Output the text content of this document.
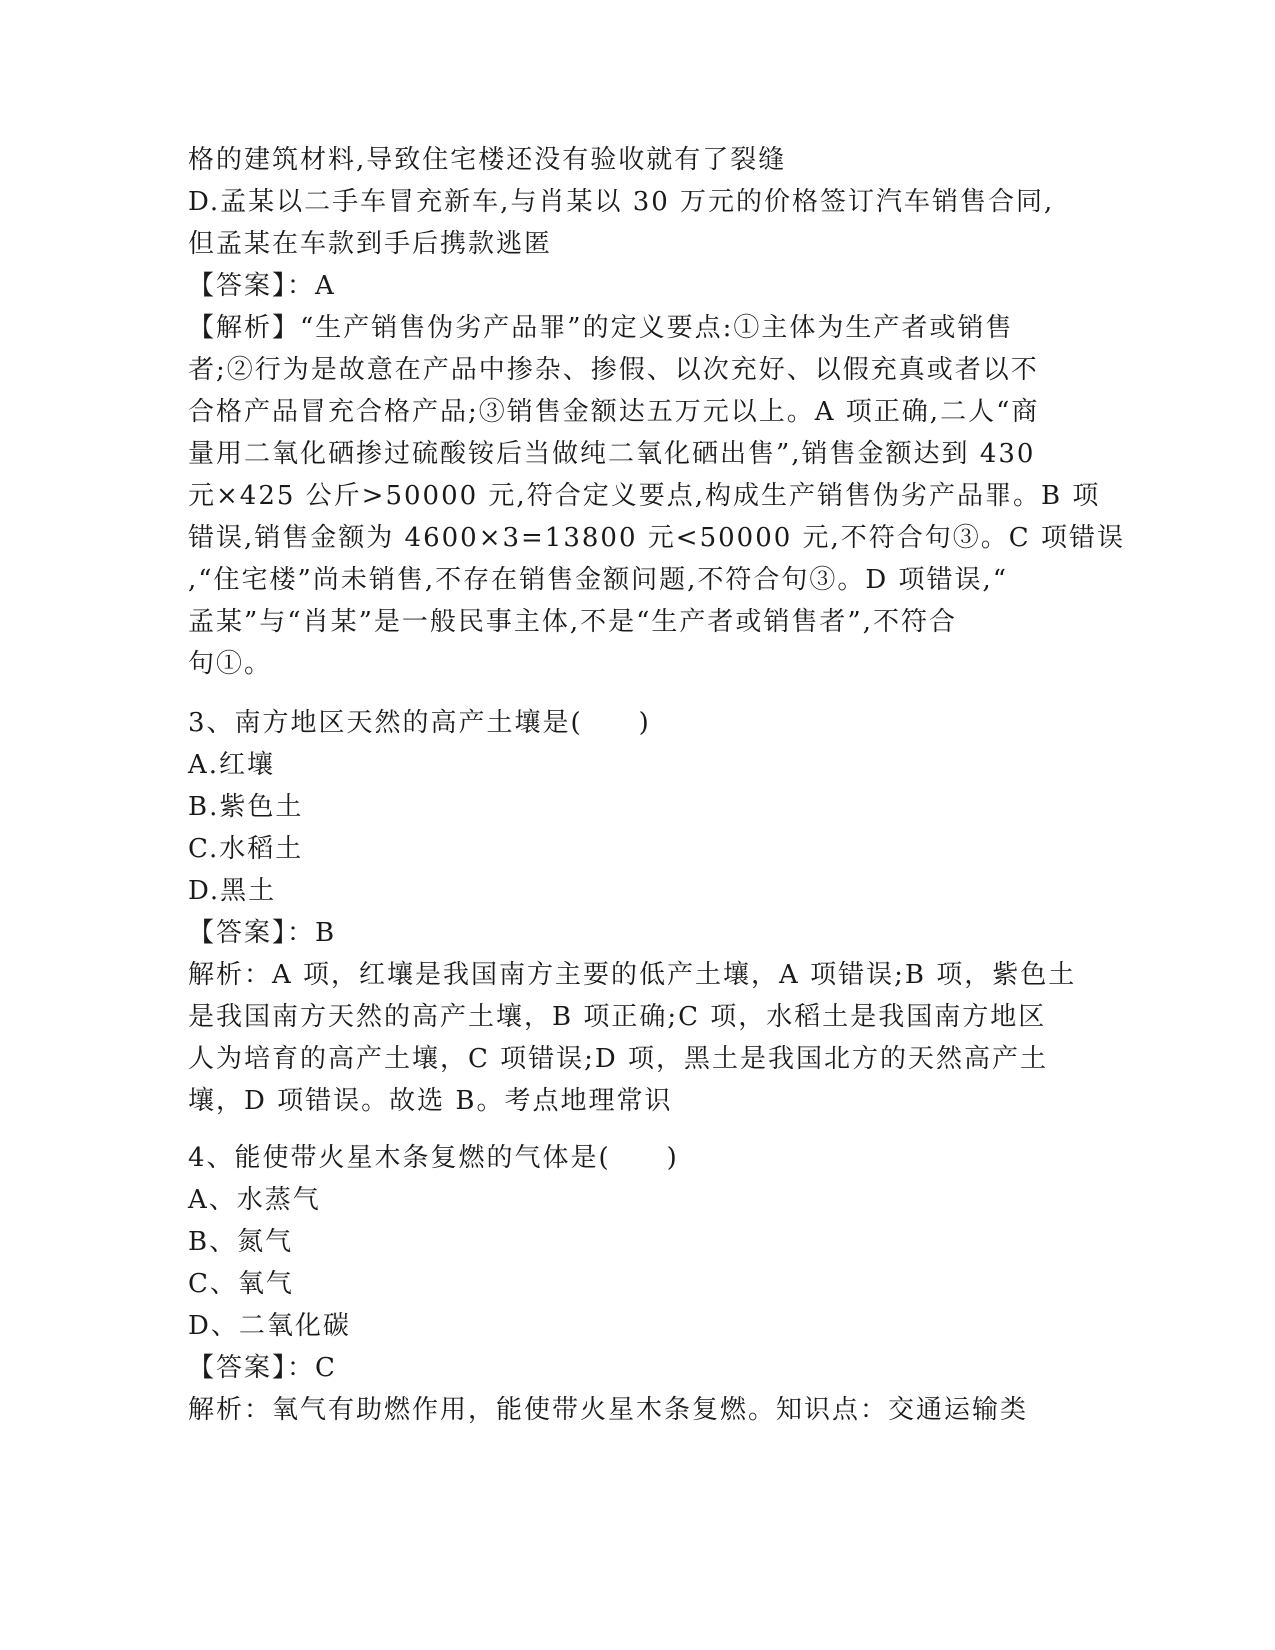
格的建筑材料,导致住宅楼还没有验收就有了裂缝
D.孟某以二手车冒充新车,与肖某以 30 万元的价格签订汽车销售合同,
但孟某在车款到手后携款逃匿
【答案】：A
【解析】“生产销售伪劣产品罪”的定义要点:①主体为生产者或销售
者;②行为是故意在产品中掺杂、掺假、以次充好、以假充真或者以不
合格产品冒充合格产品;③销售金额达五万元以上。A 项正确,二人“商
量用二氧化硒掺过硫酸铵后当做纯二氧化硒出售”,销售金额达到 430
元×425 公斤>50000 元,符合定义要点,构成生产销售伪劣产品罪。B 项
错误,销售金额为 4600×3=13800 元<50000 元,不符合句③。C 项错误
,“住宅楼”尚未销售,不存在销售金额问题,不符合句③。D 项错误,“
孟某”与“肖某”是一般民事主体,不是“生产者或销售者”,不符合
句①。
3、南方地区天然的高产土壤是(　　)
A.红壤
B.紫色土
C.水稻土
D.黑土
【答案】：B
解析：A 项，红壤是我国南方主要的低产土壤，A 项错误;B 项，紫色土
是我国南方天然的高产土壤，B 项正确;C 项，水稻土是我国南方地区
人为培育的高产土壤，C 项错误;D 项，黑土是我国北方的天然高产土
壤，D 项错误。故选 B。考点地理常识
4、能使带火星木条复燃的气体是(　　)
A、水蒸气
B、氮气
C、氧气
D、二氧化碳
【答案】：C
解析：氧气有助燃作用，能使带火星木条复燃。知识点：交通运输类
